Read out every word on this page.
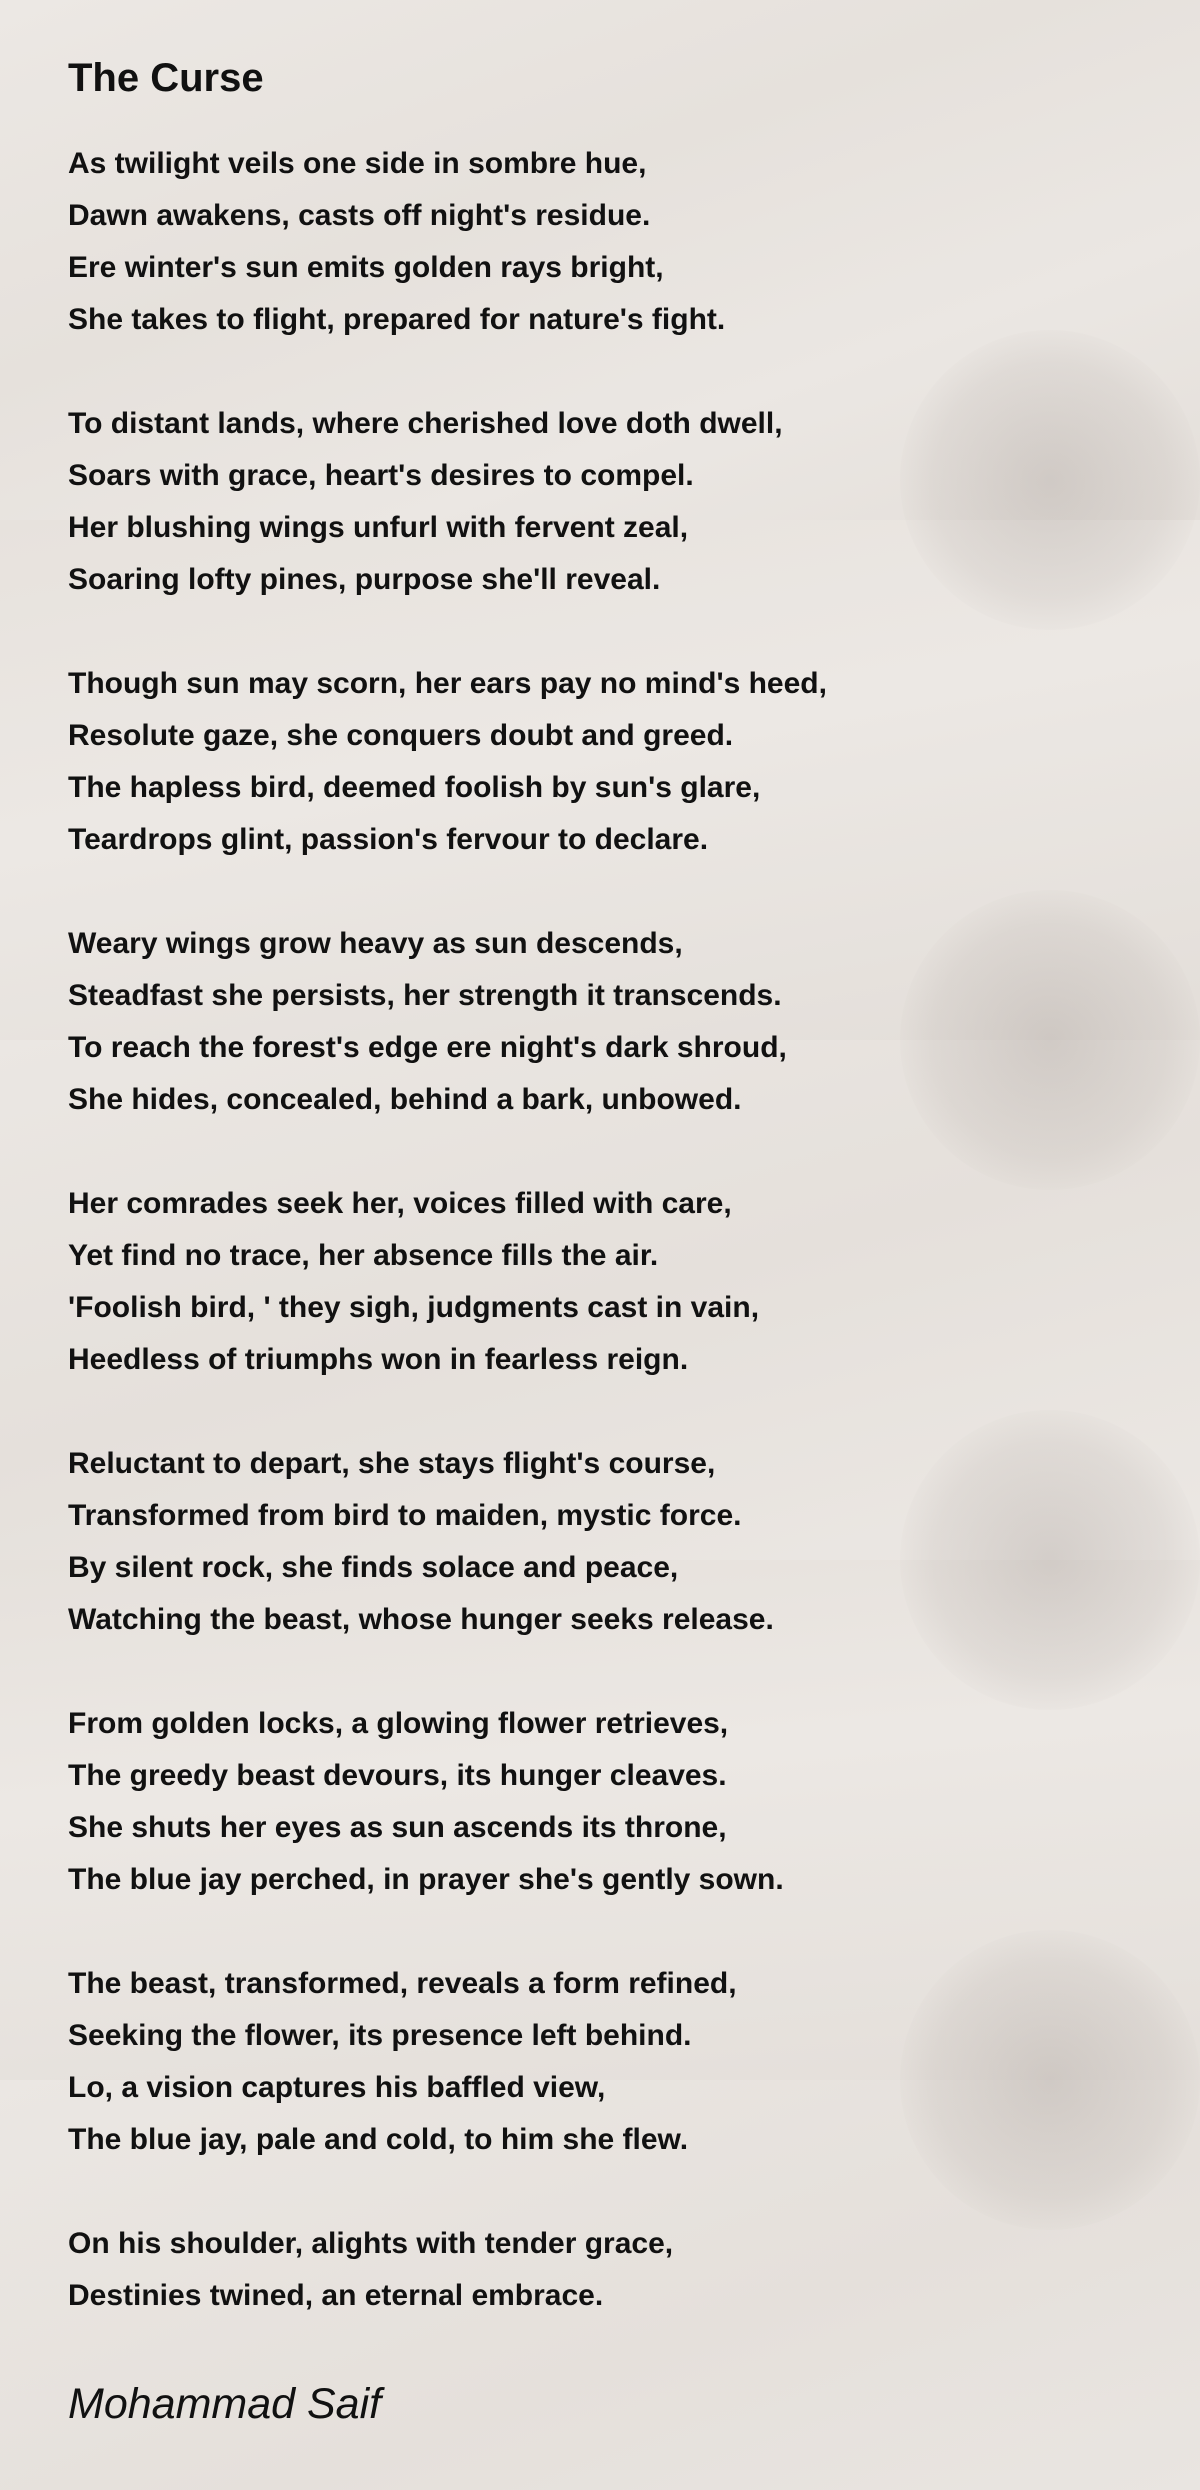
The Curse
As twilight veils one side in sombre hue,
Dawn awakens, casts off night's residue.
Ere winter's sun emits golden rays bright,
She takes to flight, prepared for nature's fight.
To distant lands, where cherished love doth dwell,
Soars with grace, heart's desires to compel.
Her blushing wings unfurl with fervent zeal,
Soaring lofty pines, purpose she'll reveal.
Though sun may scorn, her ears pay no mind's heed,
Resolute gaze, she conquers doubt and greed.
The hapless bird, deemed foolish by sun's glare,
Teardrops glint, passion's fervour to declare.
Weary wings grow heavy as sun descends,
Steadfast she persists, her strength it transcends.
To reach the forest's edge ere night's dark shroud,
She hides, concealed, behind a bark, unbowed.
Her comrades seek her, voices filled with care,
Yet find no trace, her absence fills the air.
'Foolish bird, ' they sigh, judgments cast in vain,
Heedless of triumphs won in fearless reign.
Reluctant to depart, she stays flight's course,
Transformed from bird to maiden, mystic force.
By silent rock, she finds solace and peace,
Watching the beast, whose hunger seeks release.
From golden locks, a glowing flower retrieves,
The greedy beast devours, its hunger cleaves.
She shuts her eyes as sun ascends its throne,
The blue jay perched, in prayer she's gently sown.
The beast, transformed, reveals a form refined,
Seeking the flower, its presence left behind.
Lo, a vision captures his baffled view,
The blue jay, pale and cold, to him she flew.
On his shoulder, alights with tender grace,
Destinies twined, an eternal embrace.
Mohammad Saif
